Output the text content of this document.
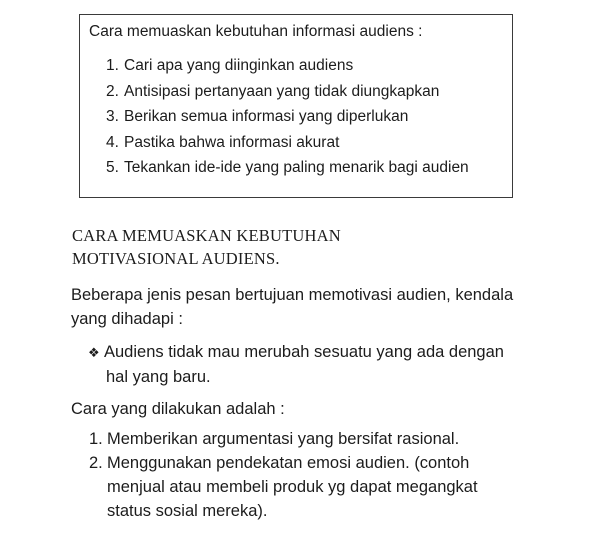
Cara memuaskan kebutuhan informasi audiens :
1. Cari apa yang diinginkan audiens
2. Antisipasi pertanyaan yang tidak diungkapkan
3. Berikan semua informasi yang diperlukan
4. Pastika bahwa informasi akurat
5. Tekankan ide-ide yang paling menarik bagi audien
CARA MEMUASKAN KEBUTUHAN
MOTIVASIONAL AUDIENS.
Beberapa jenis pesan bertujuan memotivasi audien, kendala
yang dihadapi :
❖ Audiens tidak mau merubah sesuatu yang ada dengan
hal yang baru.
Cara yang dilakukan adalah :
1. Memberikan argumentasi yang bersifat rasional.
2. Menggunakan pendekatan emosi audien. (contoh
menjual atau membeli produk yg dapat megangkat
status sosial mereka).
